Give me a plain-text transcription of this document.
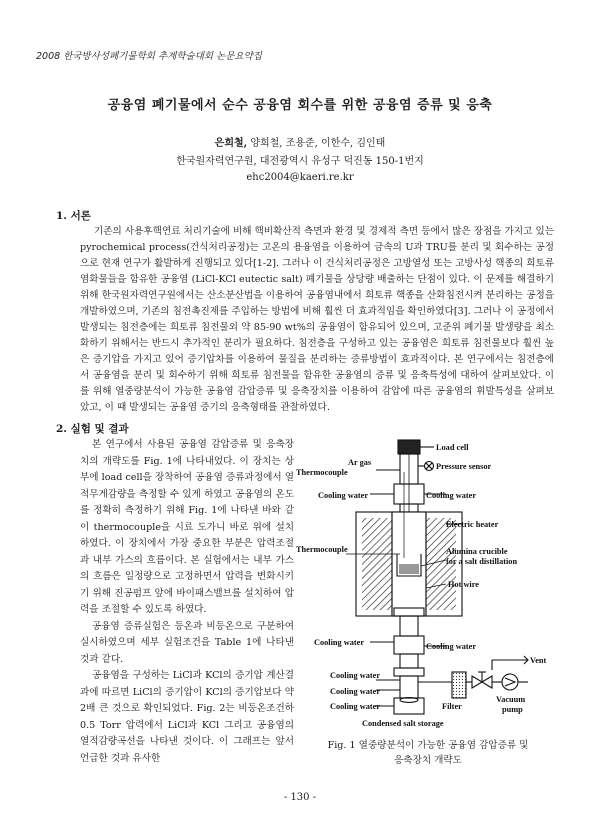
2008 한국방사성폐기물학회 추계학술대회 논문요약집
공융염 폐기물에서 순수 공융염 회수를 위한 공융염 증류 및 응축
은희철, 양희철, 조용준, 이한수, 김인태
한국원자력연구원, 대전광역시 유성구 덕진동 150-1번지
ehc2004@kaeri.re.kr
1. 서론

기존의 사용후핵연료 처리기술에 비해 핵비확산적 측면과 환경 및 경제적 측면 등에서 많은 장점을 가지고 있는 pyrochemical process(건식처리공정)는 고온의 용융염을 이용하여 금속의 U과 TRU를 분리 및 회수하는 공정으로 현재 연구가 활발하게 진행되고 있다[1-2]. 그러나 이 건식처리공정은 고방열성 또는 고방사성 핵종의 희토류 염화물들을 함유한 공융염 (LiCl-KCl eutectic salt) 폐기물을 상당량 배출하는 단점이 있다. 이 문제를 해결하기 위해 한국원자력연구원에서는 산소분산법을 이용하여 공융염내에서 희토류 핵종을 산화침전시켜 분리하는 공정을 개발하였으며, 기존의 침전촉진제를 주입하는 방법에 비해 훨씬 더 효과적임을 확인하였다[3]. 그러나 이 공정에서 발생되는 침전층에는 희토류 침전물외 약 85-90 wt%의 공융염이 함유되어 있으며, 고준위 폐기물 발생량을 최소화하기 위해서는 반드시 추가적인 분리가 필요하다. 침전층을 구성하고 있는 공융염은 희토류 침전물보다 훨씬 높은 증기압을 가지고 있어 증기압차를 이용하여 물질을 분리하는 증류방법이 효과적이다. 본 연구에서는 침전층에서 공융염을 분리 및 회수하기 위해 희토류 침전물을 함유한 공융염의 증류 및 응축특성에 대하여 살펴보았다. 이를 위해 열중량분석이 가능한 공융염 감압증류 및 응축장치를 이용하여 감압에 따른 공융염의 휘발특성을 살펴보았고, 이 때 발생되는 공융염 증기의 응축형태를 관찰하였다.

2. 실험 및 결과

본 연구에서 사용된 공융염 감압증류 및 응축장치의 개략도를 Fig. 1에 나타내었다. 이 장치는 상부에 load cell을 장착하여 공융염 증류과정에서 열적무게감량을 측정할 수 있게 하였고 공융염의 온도를 정확히 측정하기 위해 Fig. 1에 나타낸 바와 같이 thermocouple을 시료 도가니 바로 위에 설치하였다. 이 장치에서 가장 중요한 부분은 압력조절과 내부 가스의 흐름이다. 본 실험에서는 내부 가스의 흐름은 일정량으로 고정하면서 압력을 변화시키기 위해 진공펌프 앞에 바이패스밸브를 설치하여 압력을 조절할 수 있도록 하였다.

공융염 증류실험은 등온과 비등온으로 구분하여 실시하였으며 세부 실험조건을 Table 1에 나타낸 것과 같다.

공융염을 구성하는 LiCl과 KCl의 증기압 계산결과에 따르면 LiCl의 증기압이 KCl의 증기압보다 약 2배 큰 것으로 확인되었다. Fig. 2는 비등온조건하 0.5 Torr 압력에서 LiCl과 KCl 그리고 공융염의 열적감량곡선을 나타낸 것이다. 이 그래프는 앞서 언급한 것과 유사한

Load cell
Ar gas
Thermocouple
Pressure sensor
Cooling water	Cooling water
Electric heater
Thermocouple	Alumina crucible
for a salt distillation
Hot wire
Cooling water	Cooling water
Cooling water
Cooling water
Cooling water
Vent
Filter
Vacuum
pump
Condensed salt storage
Fig. 1 열중량분석이 가능한 공융염 감압증류 및
응축장치 개략도
- 130 -
